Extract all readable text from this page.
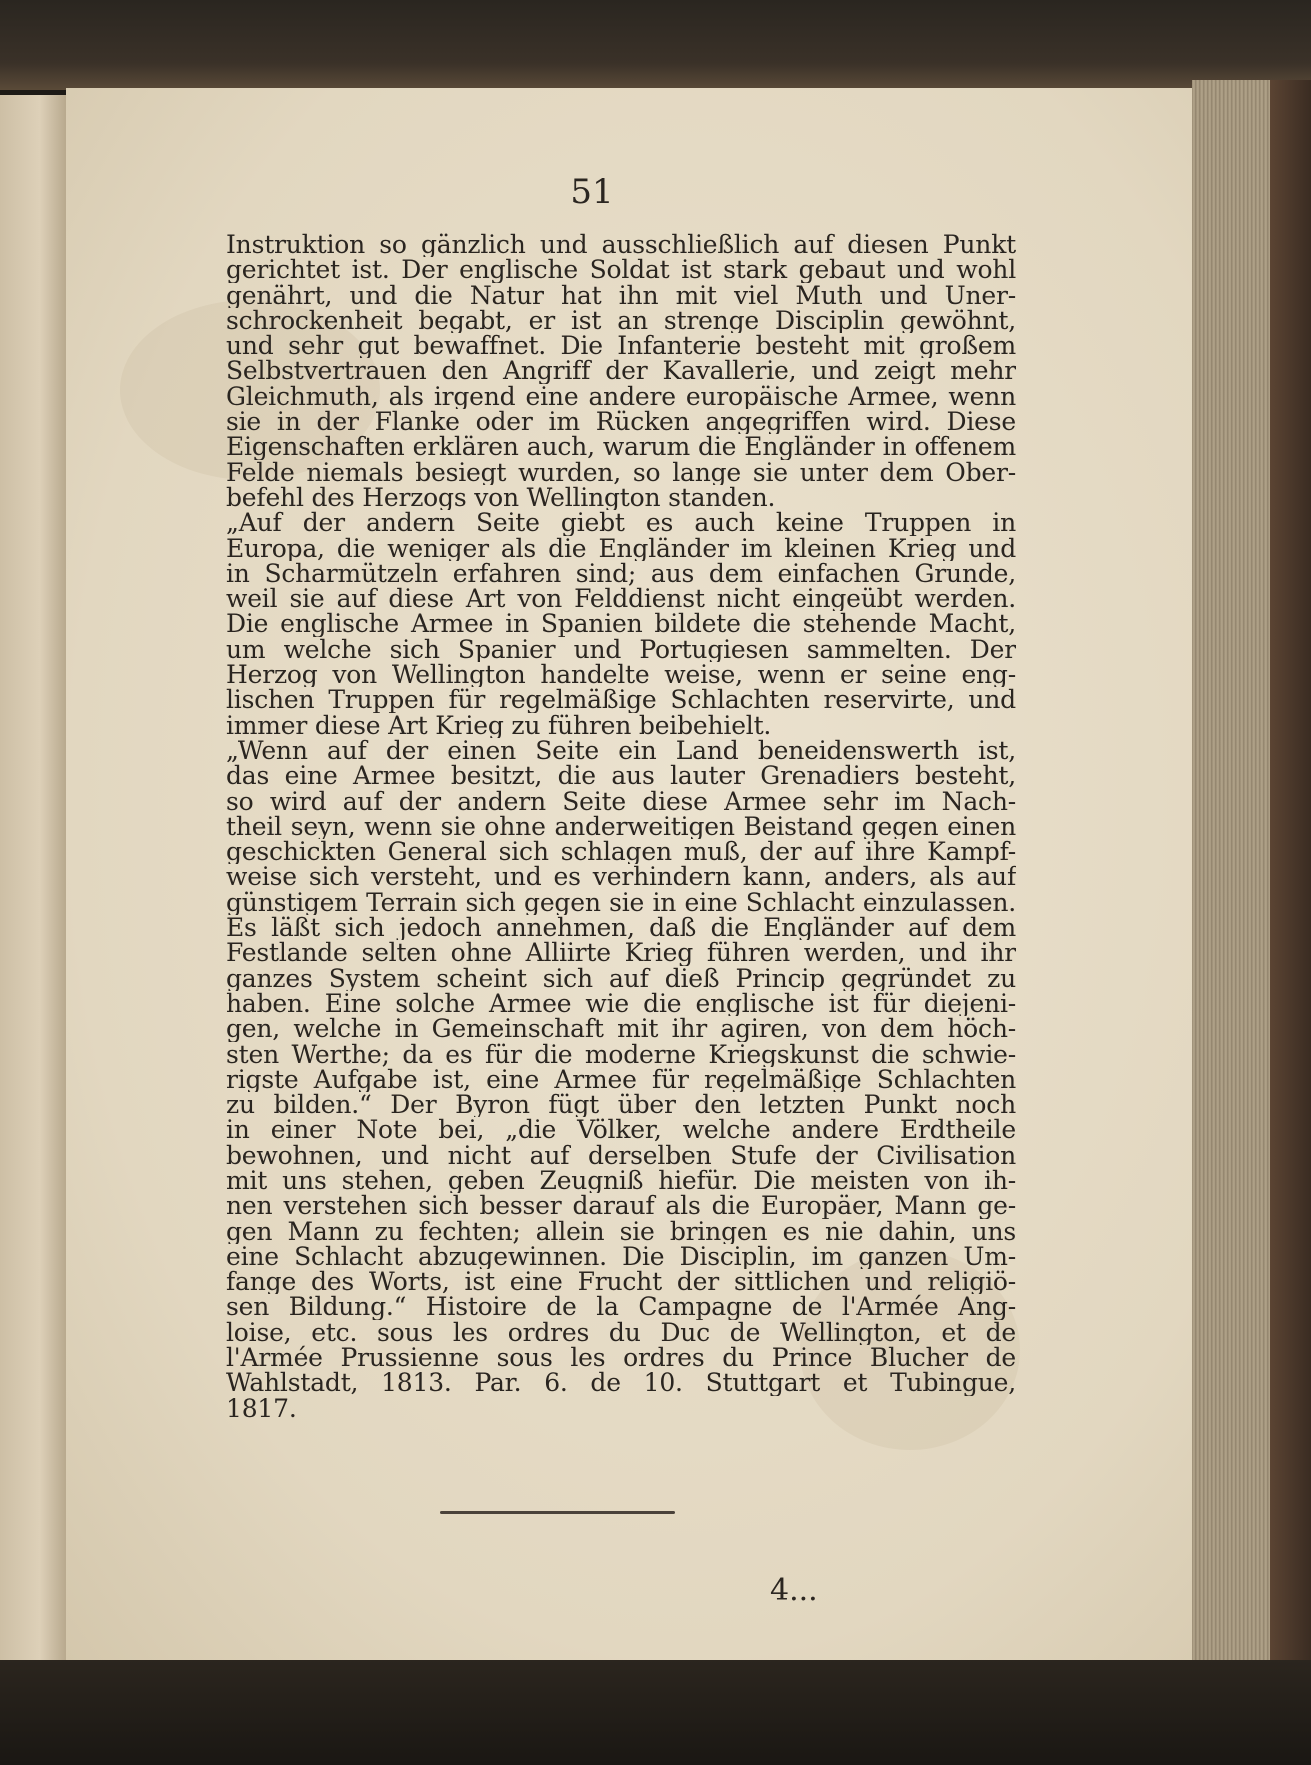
51
Instruktion so gänzlich und ausschließlich auf diesen Punkt
gerichtet ist. Der englische Soldat ist stark gebaut und wohl
genährt, und die Natur hat ihn mit viel Muth und Uner-
schrockenheit begabt, er ist an strenge Disciplin gewöhnt,
und sehr gut bewaffnet. Die Infanterie besteht mit großem
Selbstvertrauen den Angriff der Kavallerie, und zeigt mehr
Gleichmuth, als irgend eine andere europäische Armee, wenn
sie in der Flanke oder im Rücken angegriffen wird. Diese
Eigenschaften erklären auch, warum die Engländer in offenem
Felde niemals besiegt wurden, so lange sie unter dem Ober-
befehl des Herzogs von Wellington standen.
„Auf der andern Seite giebt es auch keine Truppen in
Europa, die weniger als die Engländer im kleinen Krieg und
in Scharmützeln erfahren sind; aus dem einfachen Grunde,
weil sie auf diese Art von Felddienst nicht eingeübt werden.
Die englische Armee in Spanien bildete die stehende Macht,
um welche sich Spanier und Portugiesen sammelten. Der
Herzog von Wellington handelte weise, wenn er seine eng-
lischen Truppen für regelmäßige Schlachten reservirte, und
immer diese Art Krieg zu führen beibehielt.
„Wenn auf der einen Seite ein Land beneidenswerth ist,
das eine Armee besitzt, die aus lauter Grenadiers besteht,
so wird auf der andern Seite diese Armee sehr im Nach-
theil seyn, wenn sie ohne anderweitigen Beistand gegen einen
geschickten General sich schlagen muß, der auf ihre Kampf-
weise sich versteht, und es verhindern kann, anders, als auf
günstigem Terrain sich gegen sie in eine Schlacht einzulassen.
Es läßt sich jedoch annehmen, daß die Engländer auf dem
Festlande selten ohne Alliirte Krieg führen werden, und ihr
ganzes System scheint sich auf dieß Princip gegründet zu
haben. Eine solche Armee wie die englische ist für diejeni-
gen, welche in Gemeinschaft mit ihr agiren, von dem höch-
sten Werthe; da es für die moderne Kriegskunst die schwie-
rigste Aufgabe ist, eine Armee für regelmäßige Schlachten
zu bilden.“ Der Byron fügt über den letzten Punkt noch
in einer Note bei, „die Völker, welche andere Erdtheile
bewohnen, und nicht auf derselben Stufe der Civilisation
mit uns stehen, geben Zeugniß hiefür. Die meisten von ih-
nen verstehen sich besser darauf als die Europäer, Mann ge-
gen Mann zu fechten; allein sie bringen es nie dahin, uns
eine Schlacht abzugewinnen. Die Disciplin, im ganzen Um-
fange des Worts, ist eine Frucht der sittlichen und religiö-
sen Bildung.“ Histoire de la Campagne de l'Armée Ang-
loise, etc. sous les ordres du Duc de Wellington, et de
l'Armée Prussienne sous les ordres du Prince Blucher de
Wahlstadt, 1813. Par. 6. de 10. Stuttgart et Tubingue,
1817.
4...
